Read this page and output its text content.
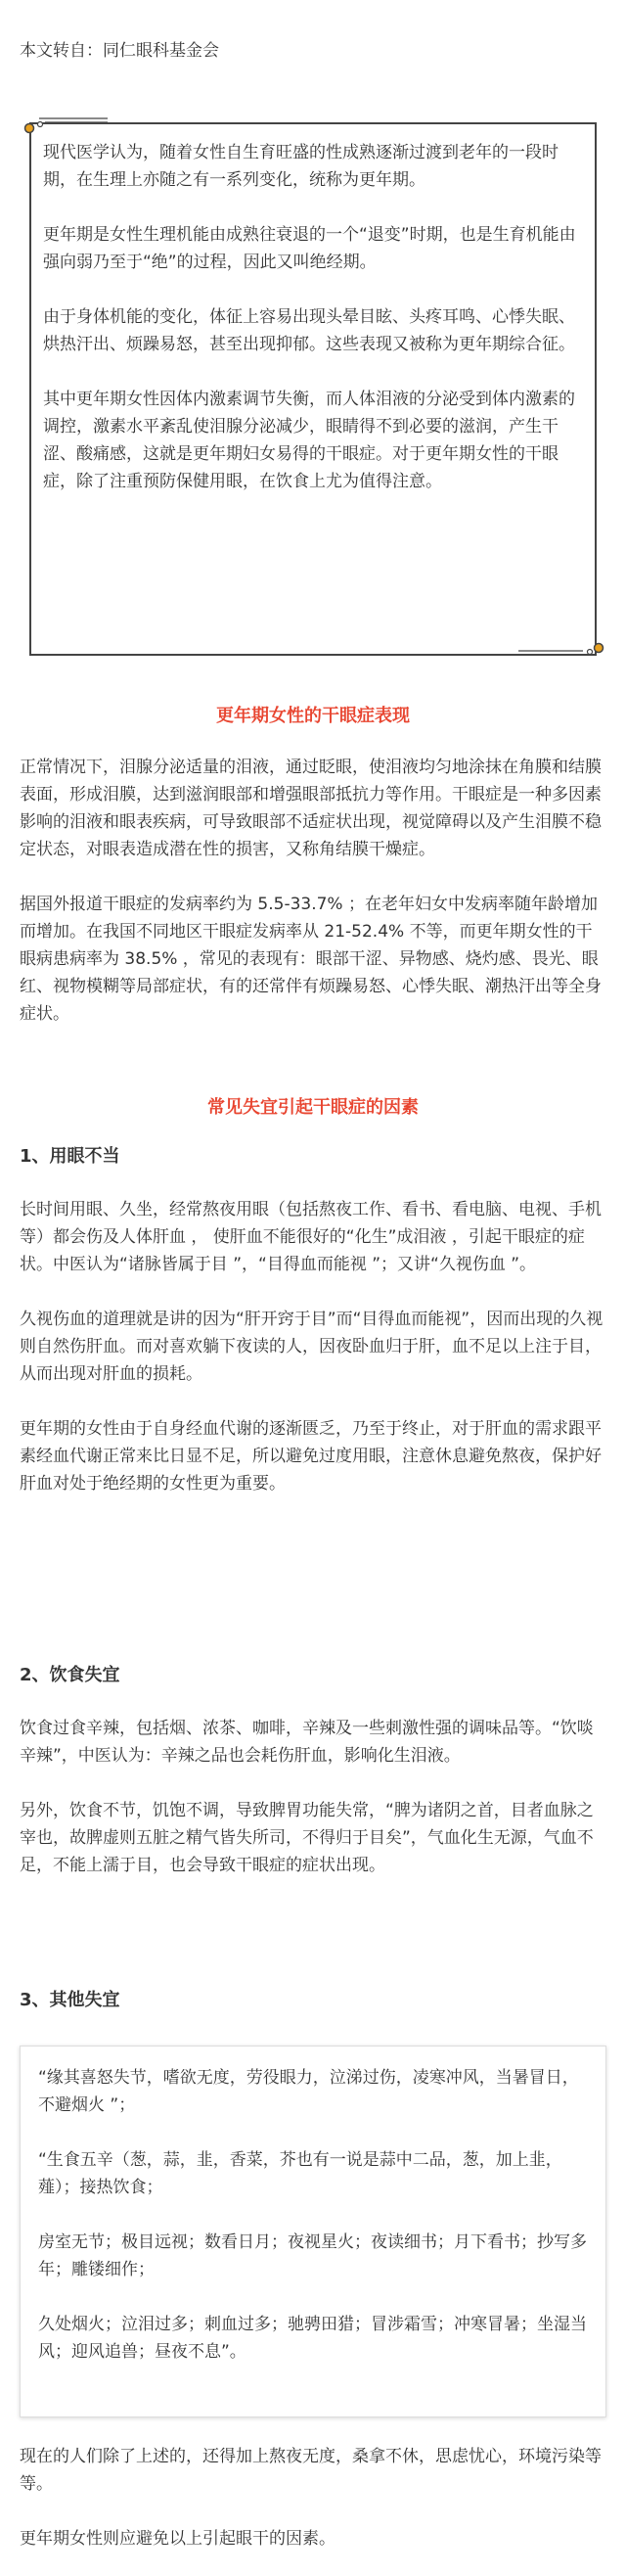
本文转自：同仁眼科基金会

现代医学认为，随着女性自生育旺盛的性成熟逐渐过渡到老年的一段时期，在生理上亦随之有一系列变化，统称为更年期。

更年期是女性生理机能由成熟往衰退的一个“退变”时期，也是生育机能由强向弱乃至于“绝”的过程，因此又叫绝经期。

由于身体机能的变化，体征上容易出现头晕目眩、头疼耳鸣、心悸失眠、烘热汗出、烦躁易怒，甚至出现抑郁。这些表现又被称为更年期综合征。

其中更年期女性因体内激素调节失衡，而人体泪液的分泌受到体内激素的调控，激素水平紊乱使泪腺分泌减少，眼睛得不到必要的滋润，产生干涩、酸痛感，这就是更年期妇女易得的干眼症。对于更年期女性的干眼症，除了注重预防保健用眼，在饮食上尤为值得注意。

更年期女性的干眼症表现

正常情况下，泪腺分泌适量的泪液，通过眨眼，使泪液均匀地涂抹在角膜和结膜表面，形成泪膜，达到滋润眼部和增强眼部抵抗力等作用。干眼症是一种多因素影响的泪液和眼表疾病，可导致眼部不适症状出现，视觉障碍以及产生泪膜不稳定状态，对眼表造成潜在性的损害，又称角结膜干燥症。

据国外报道干眼症的发病率约为 5.5-33.7% ；在老年妇女中发病率随年龄增加而增加。在我国不同地区干眼症发病率从 21-52.4% 不等，而更年期女性的干眼病患病率为 38.5% ，常见的表现有：眼部干涩、异物感、烧灼感、畏光、眼红、视物模糊等局部症状，有的还常伴有烦躁易怒、心悸失眠、潮热汗出等全身症状。

常见失宜引起干眼症的因素
1、用眼不当

长时间用眼、久坐，经常熬夜用眼（包括熬夜工作、看书、看电脑、电视、手机等）都会伤及人体肝血 ， 使肝血不能很好的“化生”成泪液 ，引起干眼症的症状。中医认为“诸脉皆属于目 ”，“目得血而能视 ”；又讲“久视伤血 ”。

久视伤血的道理就是讲的因为“肝开窍于目”而“目得血而能视”，因而出现的久视则自然伤肝血。而对喜欢躺下夜读的人，因夜卧血归于肝，血不足以上注于目，从而出现对肝血的损耗。

更年期的女性由于自身经血代谢的逐渐匮乏，乃至于终止，对于肝血的需求跟平素经血代谢正常来比日显不足，所以避免过度用眼，注意休息避免熬夜，保护好肝血对处于绝经期的女性更为重要。

2、饮食失宜

饮食过食辛辣，包括烟、浓茶、咖啡，辛辣及一些刺激性强的调味品等。“饮啖辛辣”，中医认为：辛辣之品也会耗伤肝血，影响化生泪液。

另外，饮食不节，饥饱不调，导致脾胃功能失常，“脾为诸阴之首，目者血脉之宰也，故脾虚则五脏之精气皆失所司，不得归于目矣”，气血化生无源，气血不足，不能上濡于目，也会导致干眼症的症状出现。

3、其他失宜

“缘其喜怒失节，嗜欲无度，劳役眼力，泣涕过伤，凌寒冲风，当暑冒日，不避烟火 ”；

“生食五辛（葱，蒜，韭，香菜，芥也有一说是蒜中二品，葱，加上韭，薤）；接热饮食；

房室无节；极目远视；数看日月；夜视星火；夜读细书；月下看书；抄写多年；雕镂细作；

久处烟火；泣泪过多；刺血过多；驰骋田猎；冒涉霜雪；冲寒冒暑；坐湿当风；迎风追兽；昼夜不息”。

现在的人们除了上述的，还得加上熬夜无度，桑拿不休，思虑忧心，环境污染等等。

更年期女性则应避免以上引起眼干的因素。
